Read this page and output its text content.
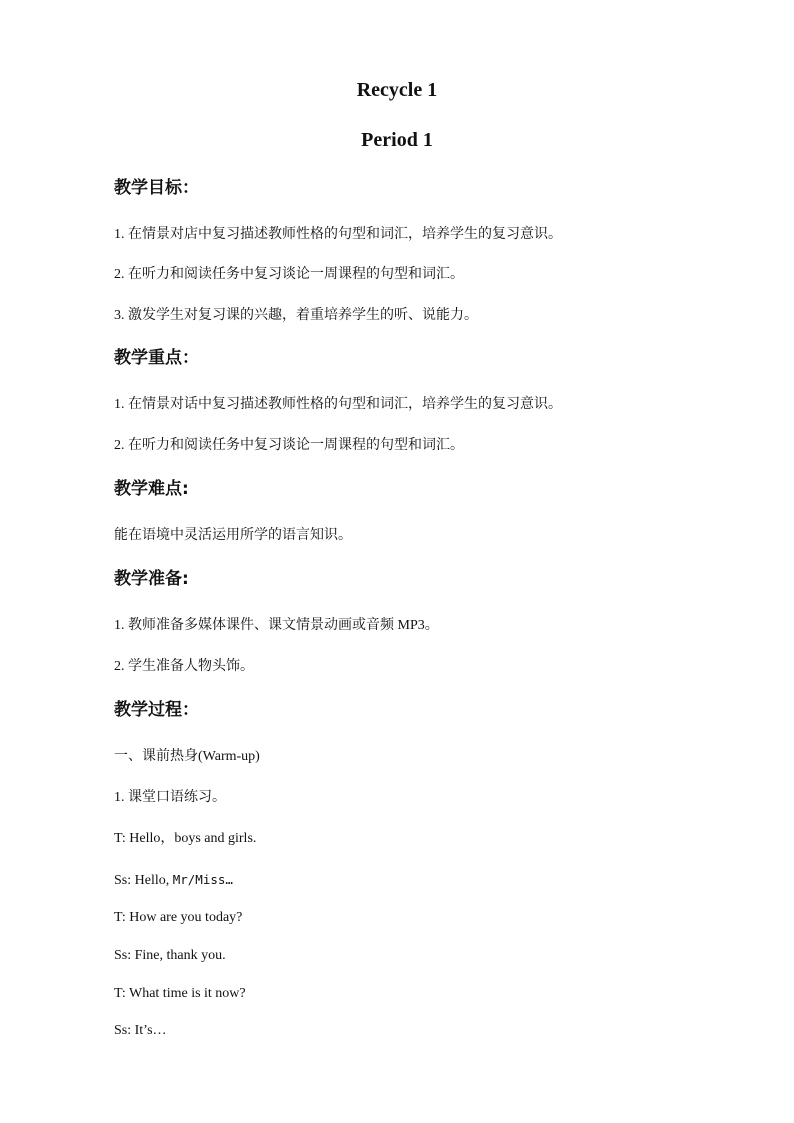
Recycle 1
Period 1
教学目标：
1. 在情景对店中复习描述教师性格的句型和词汇，培养学生的复习意识。
2. 在听力和阅读任务中复习谈论一周课程的句型和词汇。
3. 激发学生对复习课的兴趣，着重培养学生的听、说能力。
教学重点：
1. 在情景对话中复习描述教师性格的句型和词汇，培养学生的复习意识。
2. 在听力和阅读任务中复习谈论一周课程的句型和词汇。
教学难点:
能在语境中灵活运用所学的语言知识。
教学准备:
1. 教师准备多媒体课件、课文情景动画或音频 MP3。
2. 学生准备人物头饰。
教学过程：
一、课前热身(Warm-up)
1. 课堂口语练习。
T: Hello，boys and girls.
Ss: Hello, Mr/Miss…
T: How are you today?
Ss: Fine, thank you.
T: What time is it now?
Ss: It’s…
